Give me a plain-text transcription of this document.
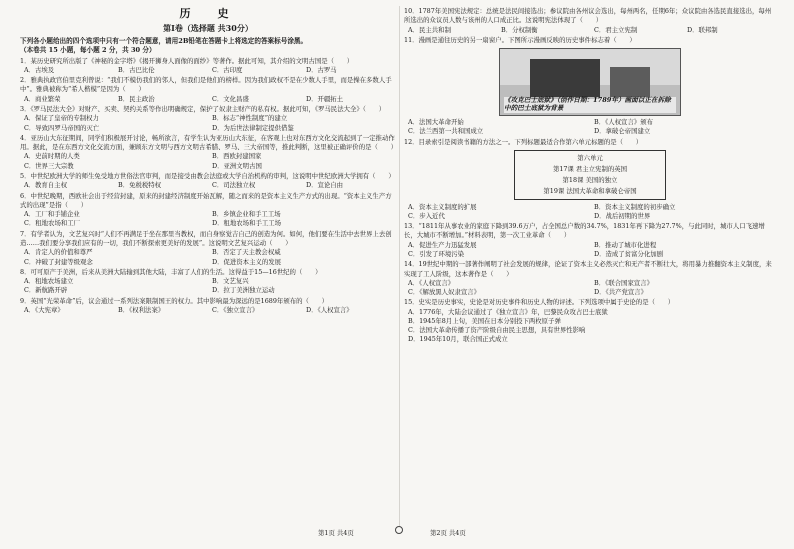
历　史
第Ⅰ卷（选择题 共30分）

下列各小题给出的四个选项中只有一个符合题意，请用2B铅笔在答题卡上将选定的答案标号涂黑。

（本卷共 15 小题，每小题 2 分，共 30 分）

1．某历史研究所出版了《神秘的金字塔》《揭开狮身人面像的面纱》等著作。据此可知，其介绍的文明古国是（　　）

A．古埃及	B．古巴比伦	C．古印度	D．古罗马

2．雅典执政官伯里克利曾说：“我们不模仿我们的邻人，但我们是他们的榜样。因为我们政权不是在少数人手里，而是操在多数人手中”。雅典被称为“希人楷模”是因为（　　）

A．商业繁荣	B．民主政治	C．文化昌盛	D．开疆拓土

3．《罗马民法大全》对财产、买卖、契约关系等作出明确规定，保护了奴隶主财产的私有权。据此可知，《罗马民法大全》（　　）

A．保证了皇帝的专制权力	B．标志“神性制度”的建立
C．导致四罗马帝国的灭亡	D．为后世法律制定提供借鉴

4．亚历山大东征期间，同学们积极展开讨论，畅所欲言，有学生认为亚历山大东征，在客观上也对东西方文化交流起到了一定推动作用。据此，是在东西方文化交流方面，兼顾东方文明与西方文明古希腊、罗马、三大帝国等，推此判断，这里被正确评价的是（　　）

A．史前时期的人类	B．西欧封建国家
C．世界三大宗教	D．亚洲文明古国

5．中世纪欧洲大学的师生免受地方世俗法官审判，而是接受由教会法庭或大学自治机构的审判，这说明中世纪欧洲大学拥有（　　）

A．教育自主权	B．免税税特权	C．司法独立权	D．宣论自由

6．中世纪晚期，西欧社会出于经营封建，原来的封建经济制度开始瓦解，随之而来的是资本主义生产方式的出现。“资本主义生产方式的出现”是指（　　）

A．工厂和手铺企业	B．乡镇企业和手工工场
C．租地农场和工厂	D．租地农场和手工工场

7．有学者认为，文艺复兴时“人们不再满足于坐在那里当教权，而自身察觉吉自己的创造为何。如何，他们要在生活中去世界上去创造……我们要分享我们应有的一切，我们不断探索更美好的发展”。这说明文艺复兴运动（　　）

A．肯定人的价值和尊严	B．否定了天主教会权威
C．冲破了封建等级观念	D．促进资本主义的发展

8．可可原产于美洲，后来从美洲大陆输到其他大陆，丰富了人们的生活。这得益于15—16世纪的（　　）

A．租地农场建立	B．文艺复兴
C．新航路开辟	D．拉丁美洲独立运动

9．英国“光荣革命”后，议会通过一系列法案限制国王的权力。其中影响最为深远的是1689年颁布的（　　）

A．《大宪章》	B．《权利法案》	C．《独立宣言》	D．《人权宣言》

10．1787年美国宪法规定：总统是法民间接选出；参议院由各州议会选出，每州两名，任期6年；众议院由各选民直接选出，每州所选出的众议员人数与该州的人口成正比。这说明宪法体现了（　　）

A．民主共和制	B．分权制衡	C．君主立宪制	D．联邦制

11．漫画是通往历史的另一扇窗户。下图所示漫画反映的历史事件标志着（　　）

《攻克巴士底狱》（创作日期：1789年）画面以正在拆除中的巴士底狱为背景
A．法国大革命开始	B．《人权宣言》颁布
C．法兰西第一共和国成立	D．拿破仑帝国建立

12．目录索引是阅读书籍的方法之一。下列标题最适合作第六单元标题的是（　　）

第六单元
第17课 君主立宪制的英国
第18课 美国的独立
第19课 法国大革命和拿破仑帝国
A．资本主义制度的扩展	B．资本主义制度的初步确立
C．步入近代	D．战后初期的世界

13．“1811年从事农业的家庭下降到39.6万户，占全国总户数的34.7%，1831年再下降为27.7%，与此同时，城市人口飞速增长，大城市不断增加。”材料表明，第一次工业革命（　　）

A．促进生产力迅猛发展	B．推动了城市化进程
C．引发了环境污染	D．造成了贫富分化加剧

14．19世纪中期的一部著作阐明了社会发展的规律，论证了资本主义必然灭亡和无产者不断壮大，将用暴力推翻资本主义制度，来实现了工人阶级，这本著作是（　　）

A．《人权宣言》	B．《联合国家宣言》
C．《解放黑人奴隶宣言》	D．《共产党宣言》

15．史实是历史事实，史论是对历史事件和历史人物的评述。下列选项中属于史论的是（　　）

A．1776年，大陆会议通过了《独立宣言》年，巴黎民众攻占巴士底狱
B．1945年8月上旬，美国在日本分别投下两枚原子弹
C．法国大革命传播了资产阶级自由民主思想，具有世界性影响
D．1945年10月，联合国正式成立
第1页 共4页	第2页 共4页
